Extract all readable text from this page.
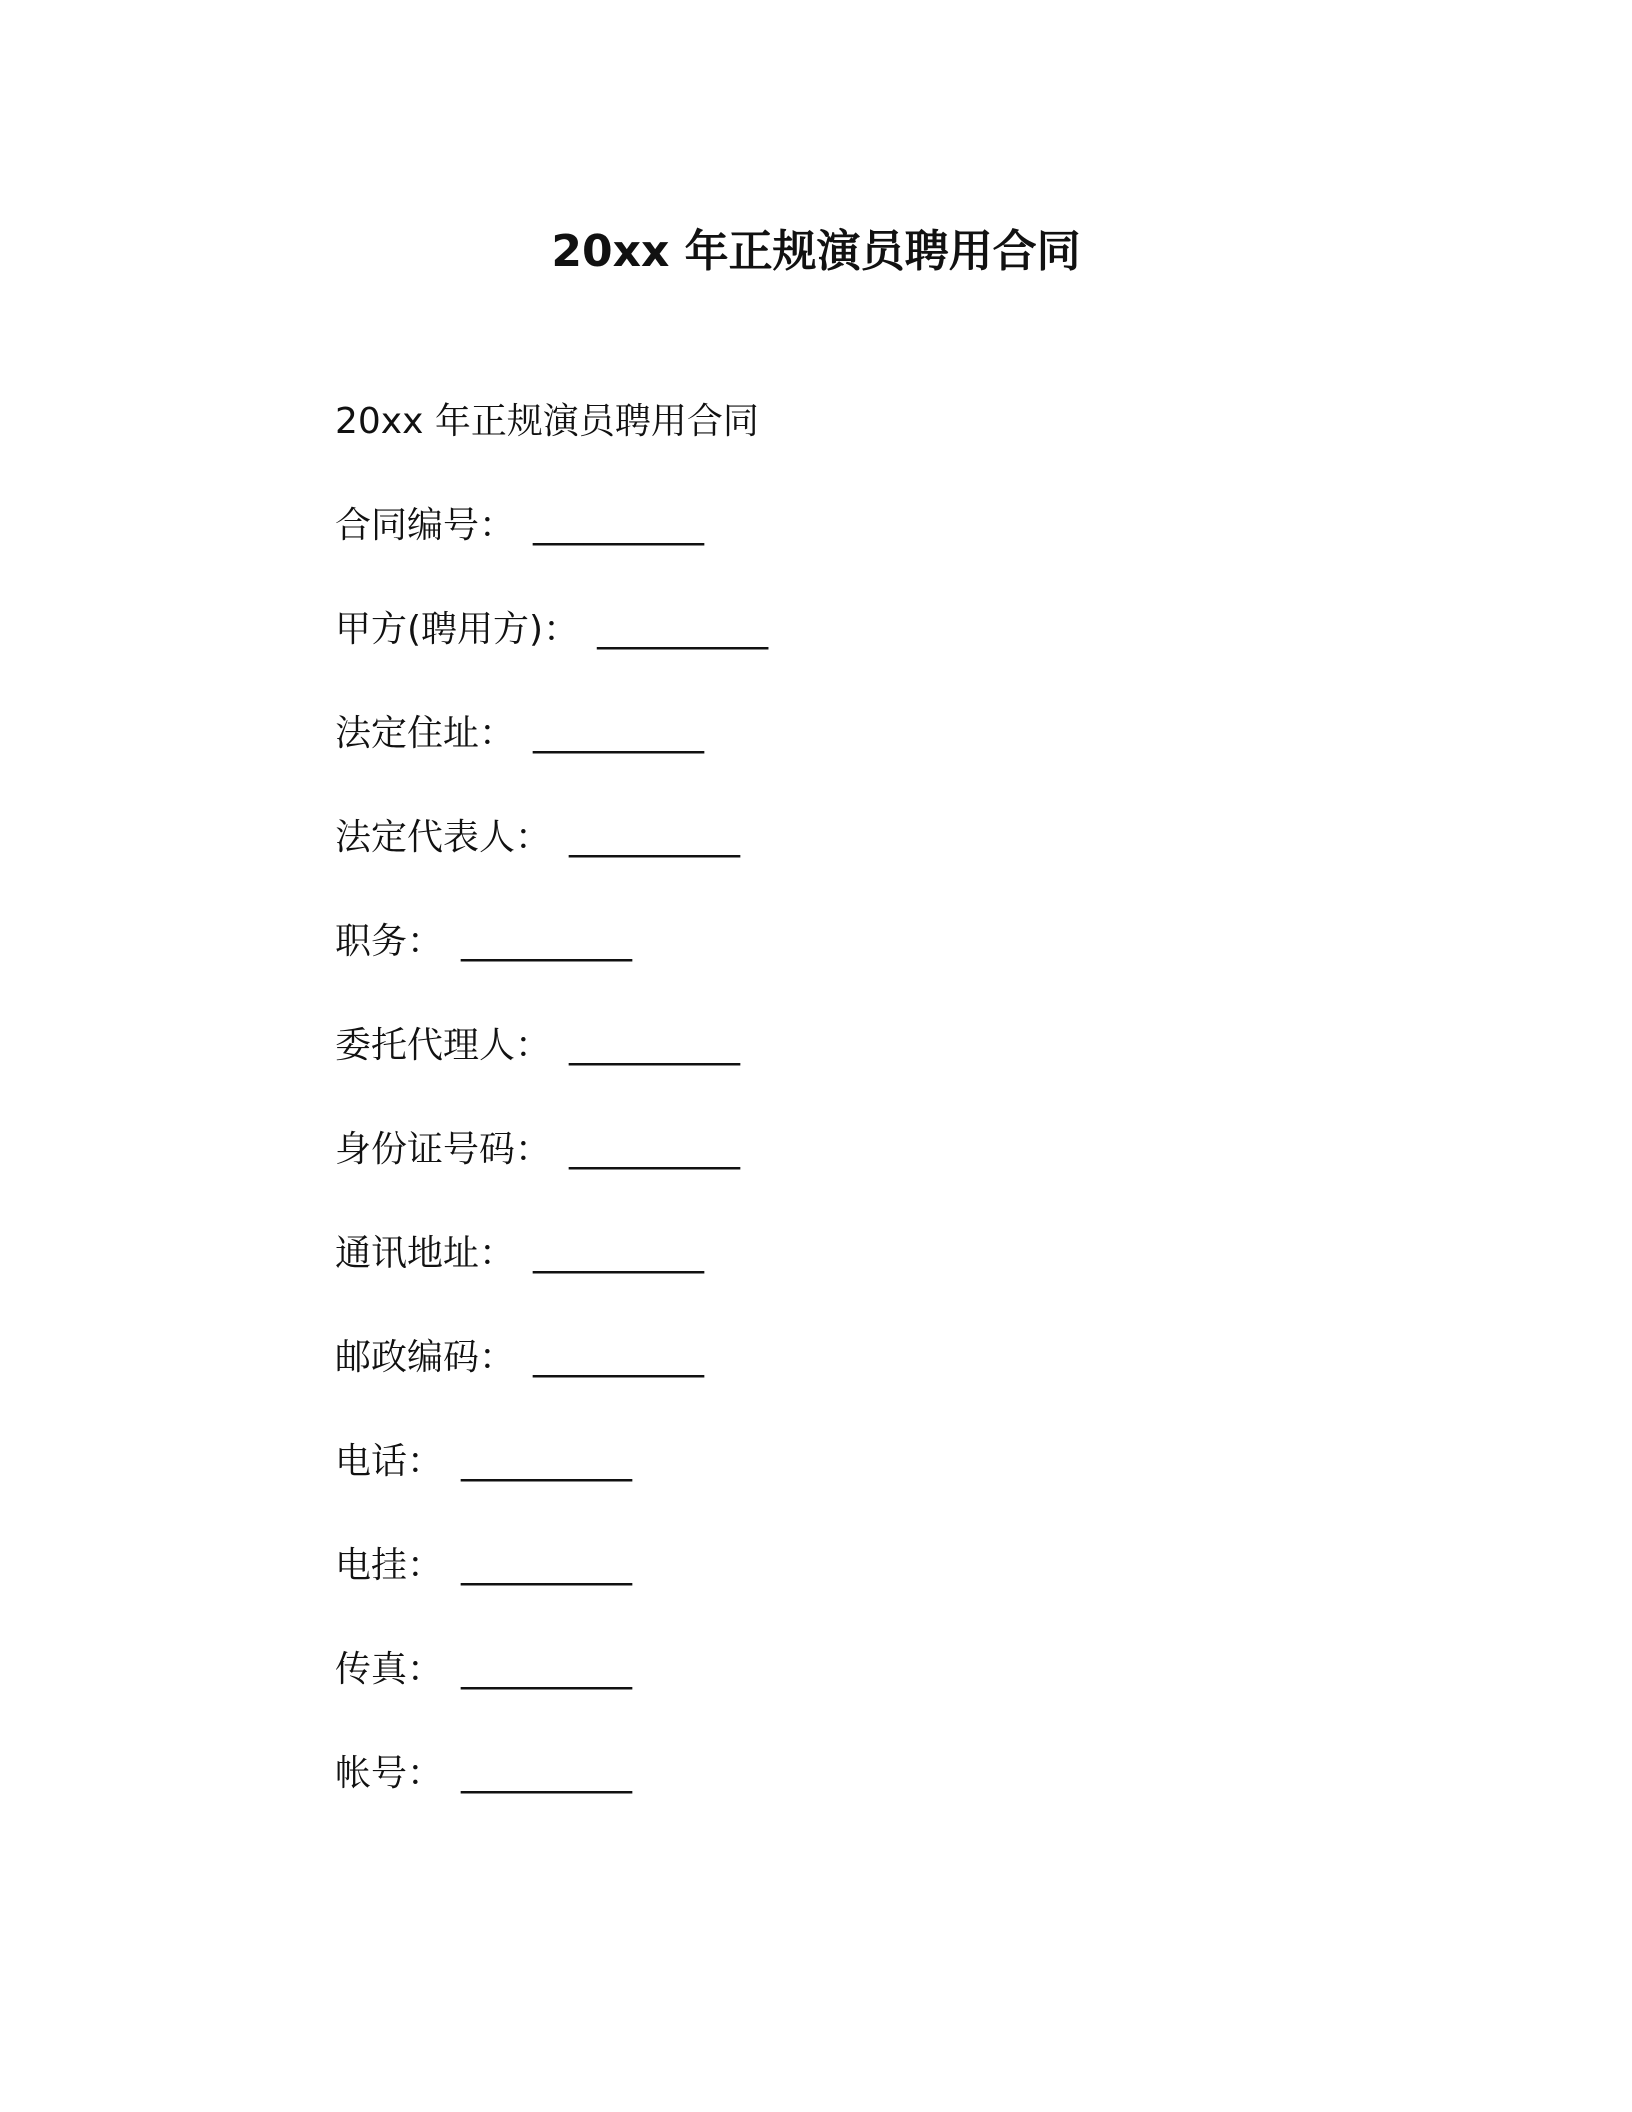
20xx 年正规演员聘用合同
20xx 年正规演员聘用合同
合同编号 ： __________
甲方(聘用方) ： __________
法定住址 ： __________
法定代表人 ： __________
职务 ： __________
委托代理人 ： __________
身份证号码 ： __________
通讯地址 ： __________
邮政编码 ： __________
电话 ： __________
电挂 ： __________
传真 ： __________
帐号 ： __________
